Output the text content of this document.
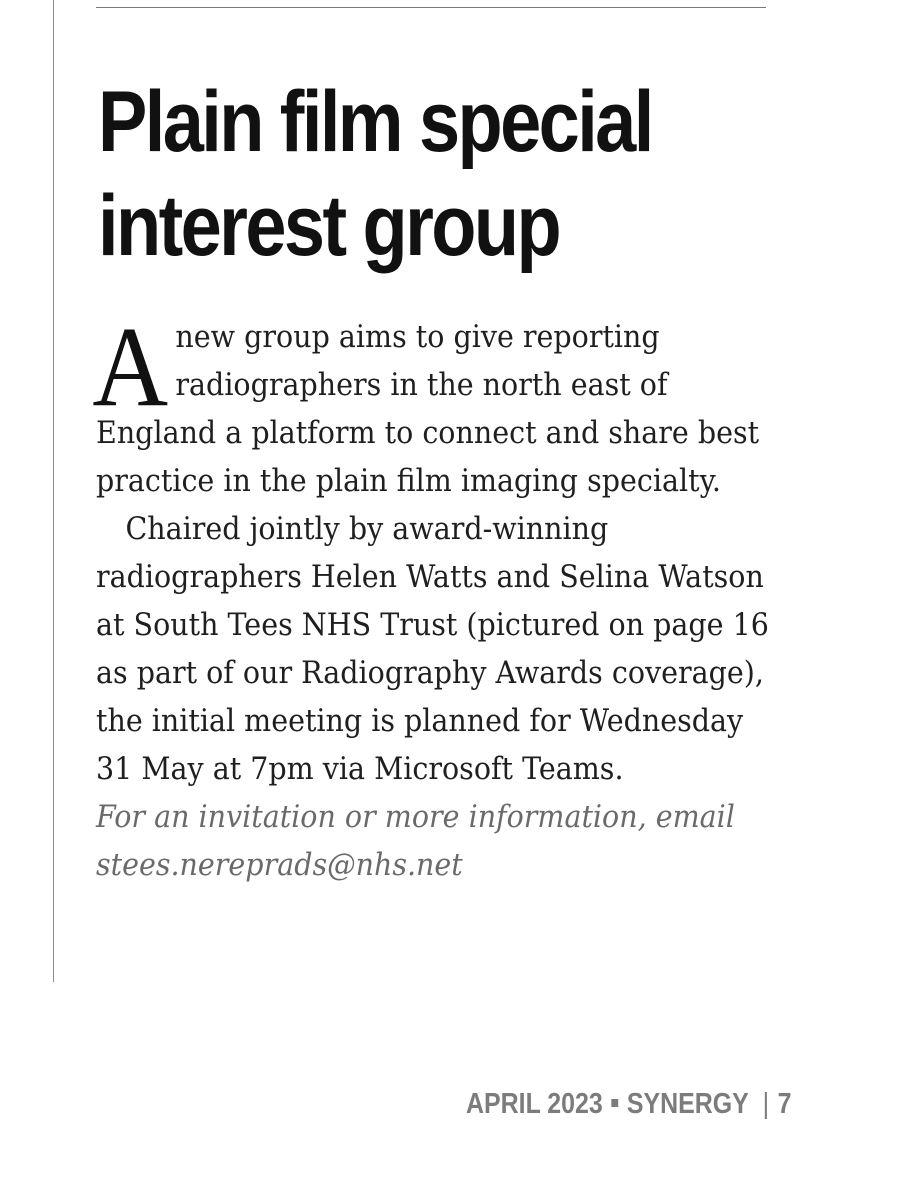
Plain film special interest group

Anew group aims to give reporting radiographers in the north east of England a platform to connect and share best practice in the plain film imaging specialty.

Chaired jointly by award-winning radiographers Helen Watts and Selina Watson at South Tees NHS Trust (pictured on page 16 as part of our Radiography Awards coverage), the initial meeting is planned for Wednesday 31 May at 7pm via Microsoft Teams.

For an invitation or more information, email stees.nereprads@nhs.net

APRIL 2023 SYNERGY | 7
